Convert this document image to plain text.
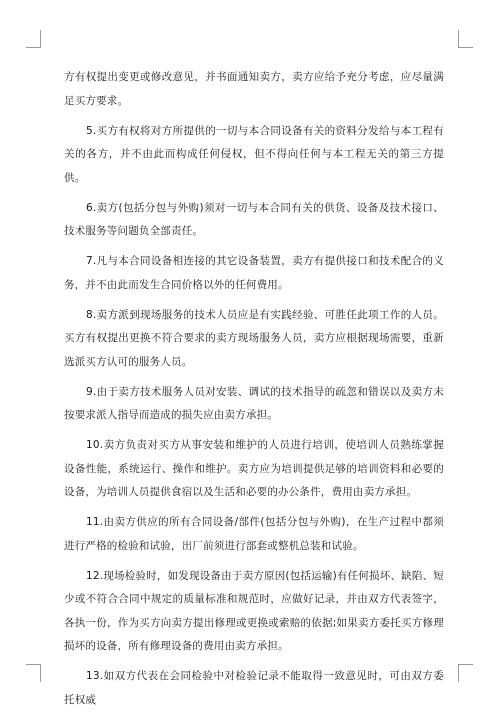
方有权提出变更或修改意见，并书面通知卖方，卖方应给予充分考虑，应尽量满足买方要求。

5.买方有权将对方所提供的一切与本合同设备有关的资料分发给与本工程有关的各方，并不由此而构成任何侵权，但不得向任何与本工程无关的第三方提供。

6.卖方(包括分包与外购)须对一切与本合同有关的供货、设备及技术接口、技术服务等问题负全部责任。

7.凡与本合同设备相连接的其它设备装置，卖方有提供接口和技术配合的义务，并不由此而发生合同价格以外的任何费用。

8.卖方派到现场服务的技术人员应是有实践经验、可胜任此项工作的人员。买方有权提出更换不符合要求的卖方现场服务人员，卖方应根据现场需要，重新选派买方认可的服务人员。

9.由于卖方技术服务人员对安装、调试的技术指导的疏忽和错误以及卖方未按要求派人指导而造成的损失应由卖方承担。

10.卖方负责对买方从事安装和维护的人员进行培训，使培训人员熟练掌握设备性能，系统运行、操作和维护。卖方应为培训提供足够的培训资料和必要的设备，为培训人员提供食宿以及生活和必要的办公条件，费用由卖方承担。

11.由卖方供应的所有合同设备/部件(包括分包与外购)，在生产过程中都须进行严格的检验和试验，出厂前须进行部套或整机总装和试验。

12.现场检验时，如发现设备由于卖方原因(包括运输)有任何损坏、缺陷、短少或不符合合同中规定的质量标准和规范时，应做好记录，并由双方代表签字，各执一份，作为买方向卖方提出修理或更换或索赔的依据;如果卖方委托买方修理损坏的设备，所有修理设备的费用由卖方承担。

13.如双方代表在会同检验中对检验记录不能取得一致意见时，可由双方委托权威
